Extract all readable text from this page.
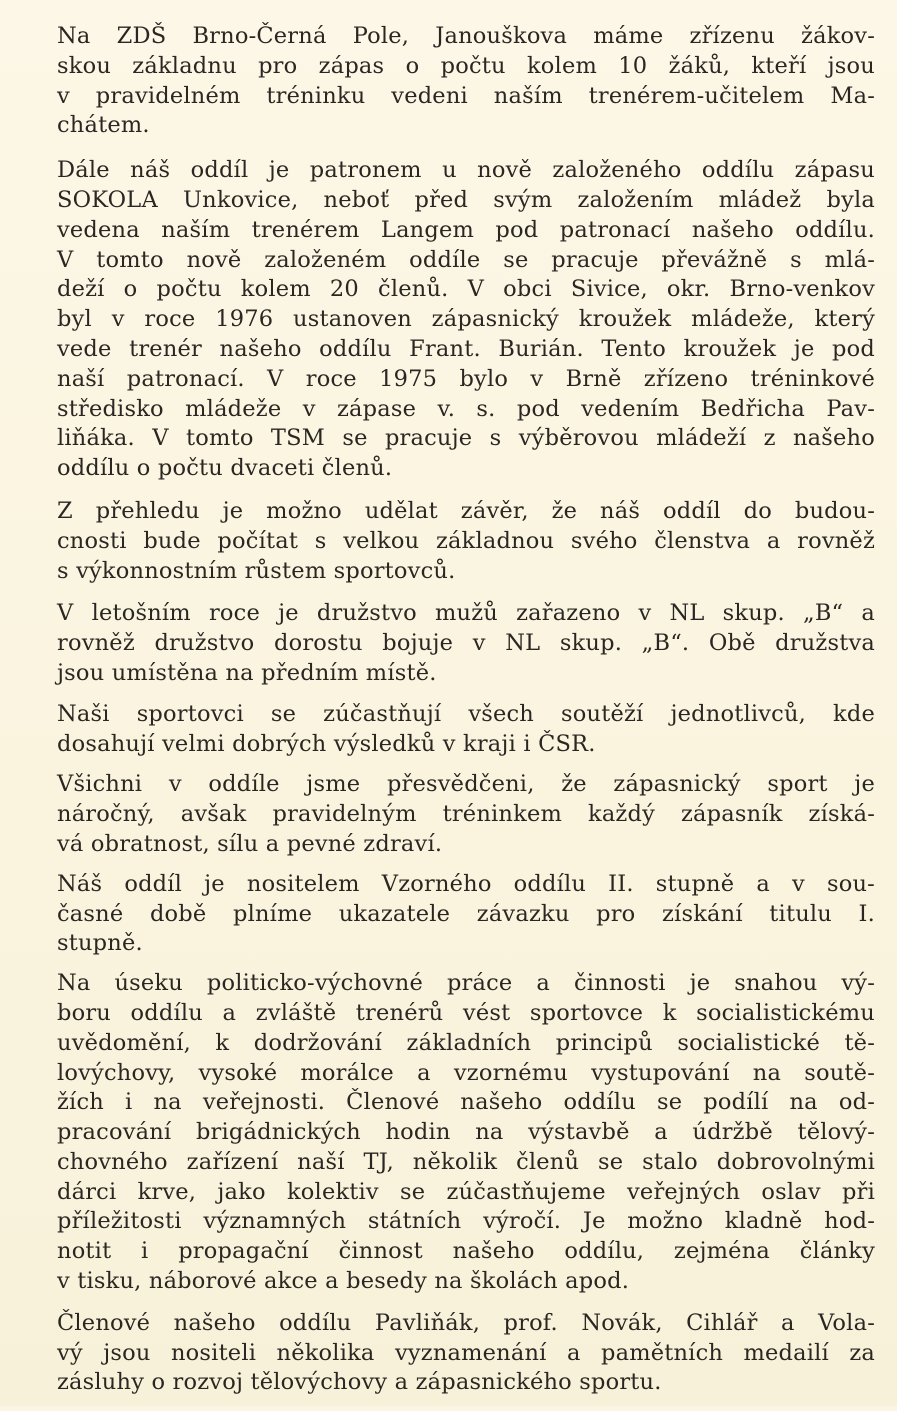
Na ZDŠ Brno-Černá Pole, Janouškova máme zřízenu žákov-
skou základnu pro zápas o počtu kolem 10 žáků, kteří jsou
v pravidelném tréninku vedeni naším trenérem-učitelem Ma-
chátem.

Dále náš oddíl je patronem u nově založeného oddílu zápasu
SOKOLA Unkovice, neboť před svým založením mládež byla
vedena naším trenérem Langem pod patronací našeho oddílu.
V tomto nově založeném oddíle se pracuje převážně s mlá-
deží o počtu kolem 20 členů. V obci Sivice, okr. Brno-venkov
byl v roce 1976 ustanoven zápasnický kroužek mládeže, který
vede trenér našeho oddílu Frant. Burián. Tento kroužek je pod
naší patronací. V roce 1975 bylo v Brně zřízeno tréninkové
středisko mládeže v zápase v. s. pod vedením Bedřicha Pav-
liňáka. V tomto TSM se pracuje s výběrovou mládeží z našeho
oddílu o počtu dvaceti členů.

Z přehledu je možno udělat závěr, že náš oddíl do budou-
cnosti bude počítat s velkou základnou svého členstva a rovněž
s výkonnostním růstem sportovců.

V letošním roce je družstvo mužů zařazeno v NL skup. „B“ a
rovněž družstvo dorostu bojuje v NL skup. „B“. Obě družstva
jsou umístěna na předním místě.

Naši sportovci se zúčastňují všech soutěží jednotlivců, kde
dosahují velmi dobrých výsledků v kraji i ČSR.

Všichni v oddíle jsme přesvědčeni, že zápasnický sport je
náročný, avšak pravidelným tréninkem každý zápasník získá-
vá obratnost, sílu a pevné zdraví.

Náš oddíl je nositelem Vzorného oddílu II. stupně a v sou-
časné době plníme ukazatele závazku pro získání titulu I.
stupně.

Na úseku politicko-výchovné práce a činnosti je snahou vý-
boru oddílu a zvláště trenérů vést sportovce k socialistickému
uvědomění, k dodržování základních principů socialistické tě-
lovýchovy, vysoké morálce a vzornému vystupování na soutě-
žích i na veřejnosti. Členové našeho oddílu se podílí na od-
pracování brigádnických hodin na výstavbě a údržbě tělový-
chovného zařízení naší TJ, několik členů se stalo dobrovolnými
dárci krve, jako kolektiv se zúčastňujeme veřejných oslav při
příležitosti významných státních výročí. Je možno kladně hod-
notit i propagační činnost našeho oddílu, zejména články
v tisku, náborové akce a besedy na školách apod.

Členové našeho oddílu Pavliňák, prof. Novák, Cihlář a Vola-
vý jsou nositeli několika vyznamenání a pamětních medailí za
zásluhy o rozvoj tělovýchovy a zápasnického sportu.
